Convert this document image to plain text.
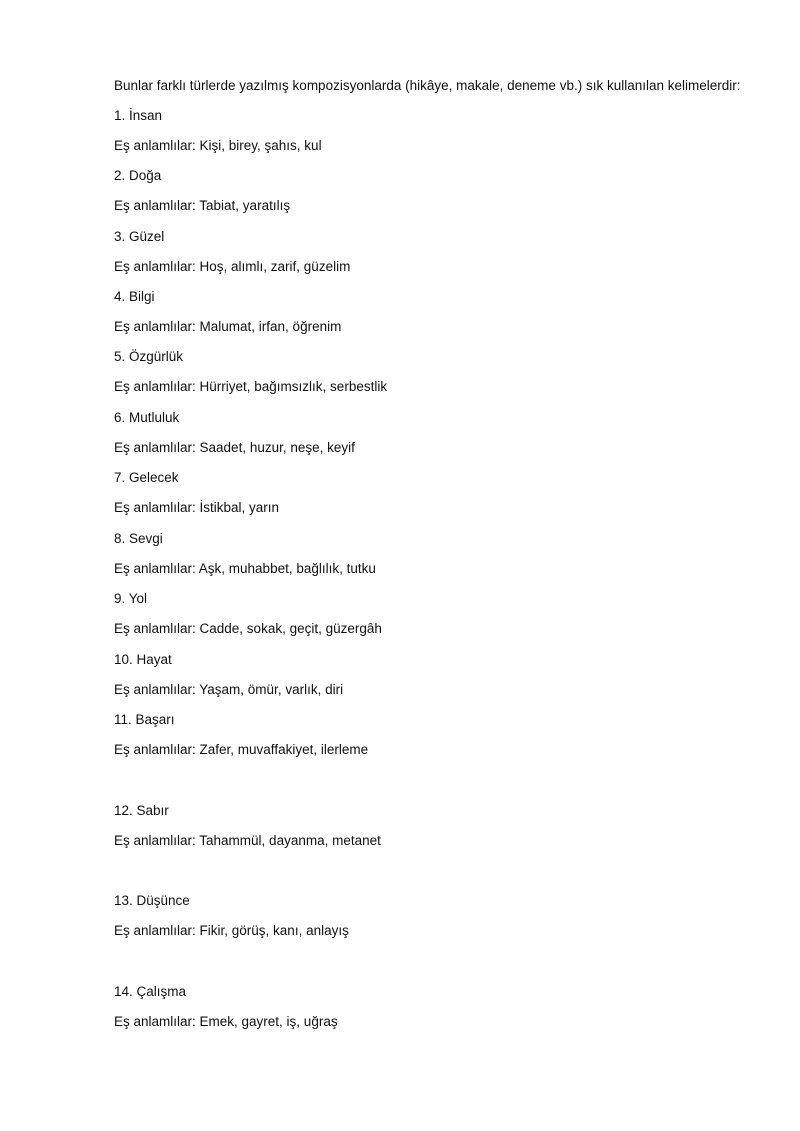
Bunlar farklı türlerde yazılmış kompozisyonlarda (hikâye, makale, deneme vb.) sık kullanılan kelimelerdir:
1. İnsan
Eş anlamlılar: Kişi, birey, şahıs, kul
2. Doğa
Eş anlamlılar: Tabiat, yaratılış
3. Güzel
Eş anlamlılar: Hoş, alımlı, zarif, güzelim
4. Bilgi
Eş anlamlılar: Malumat, irfan, öğrenim
5. Özgürlük
Eş anlamlılar: Hürriyet, bağımsızlık, serbestlik
6. Mutluluk
Eş anlamlılar: Saadet, huzur, neşe, keyif
7. Gelecek
Eş anlamlılar: İstikbal, yarın
8. Sevgi
Eş anlamlılar: Aşk, muhabbet, bağlılık, tutku
9. Yol
Eş anlamlılar: Cadde, sokak, geçit, güzergâh
10. Hayat
Eş anlamlılar: Yaşam, ömür, varlık, diri
11. Başarı
Eş anlamlılar: Zafer, muvaffakiyet, ilerleme
12. Sabır
Eş anlamlılar: Tahammül, dayanma, metanet
13. Düşünce
Eş anlamlılar: Fikir, görüş, kanı, anlayış
14. Çalışma
Eş anlamlılar: Emek, gayret, iş, uğraş
